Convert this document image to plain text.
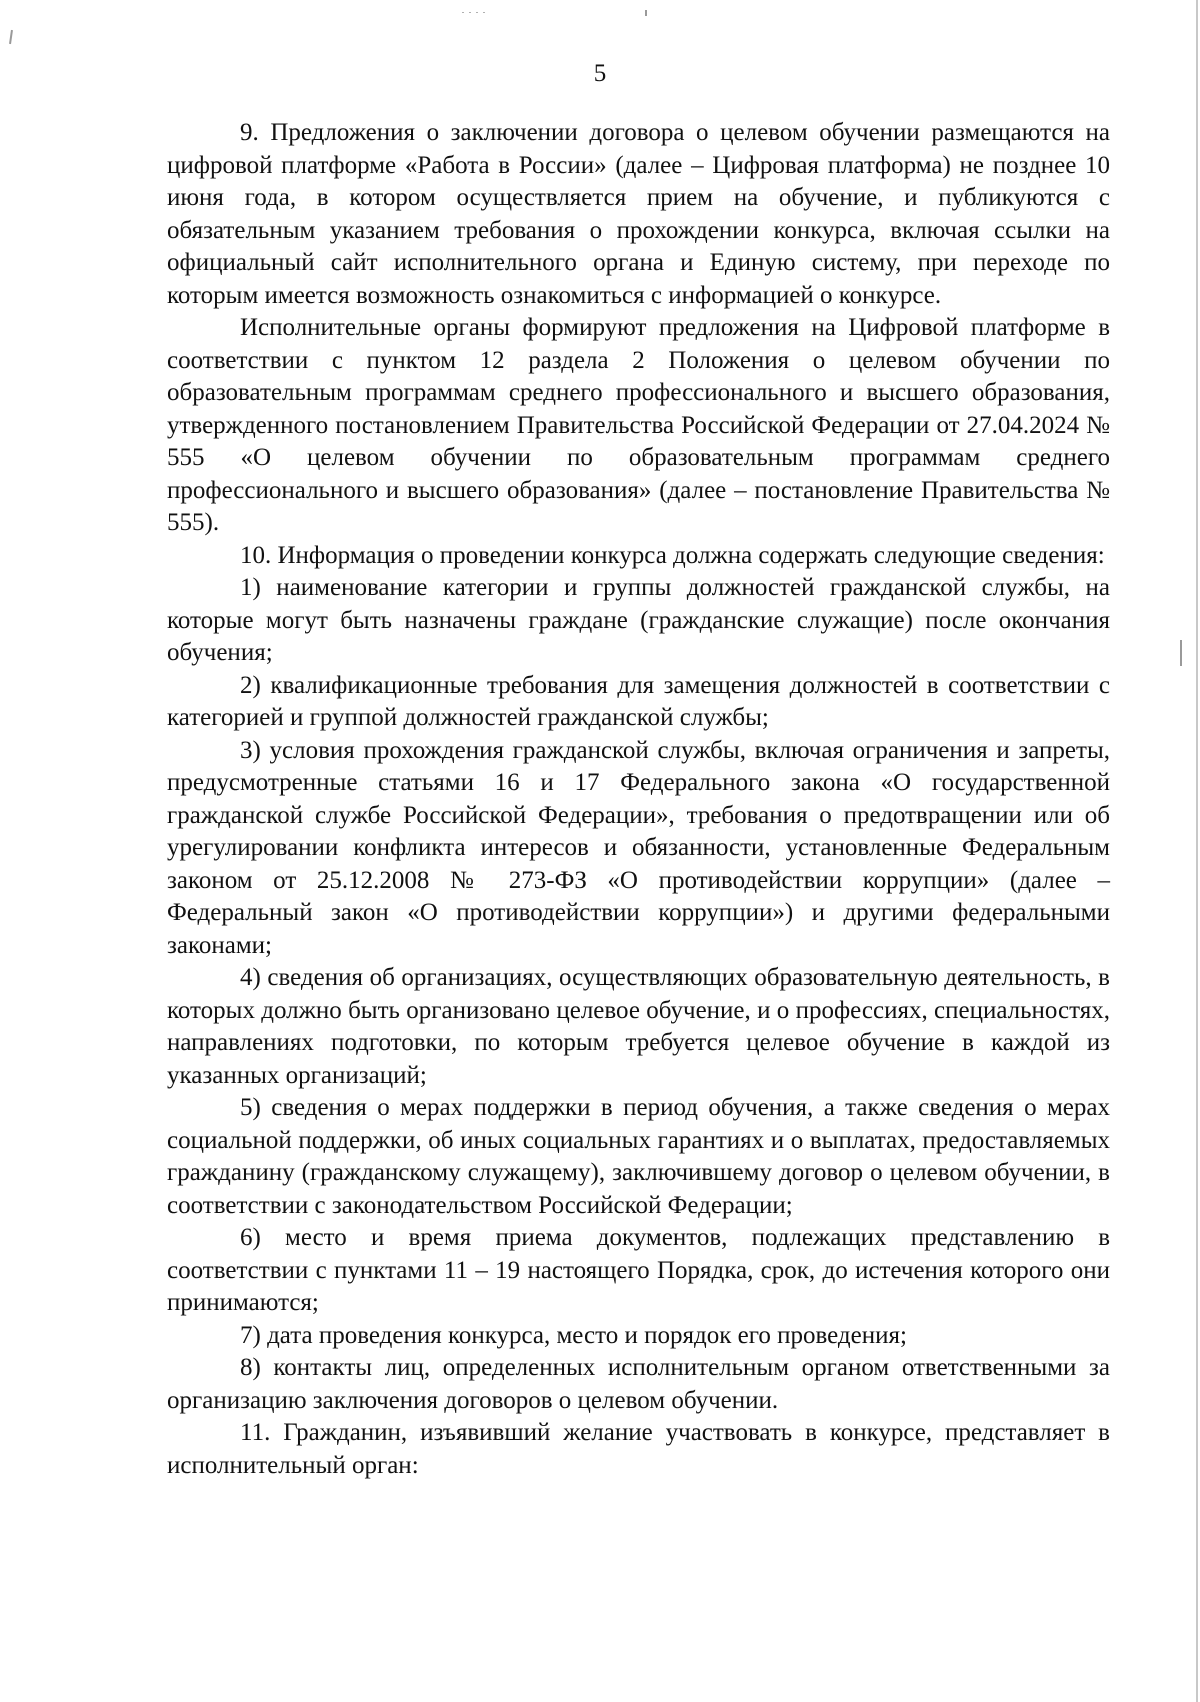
5

9. Предложения о заключении договора о целевом обучении размещаются на цифровой платформе «Работа в России» (далее – Цифровая платформа) не позднее 10 июня года, в котором осуществляется прием на обучение, и публикуются с обязательным указанием требования о прохождении конкурса, включая ссылки на официальный сайт исполнительного органа и Единую систему, при переходе по которым имеется возможность ознакомиться с информацией о конкурсе.

Исполнительные органы формируют предложения на Цифровой платформе в соответствии с пунктом 12 раздела 2 Положения о целевом обучении по образовательным программам среднего профессионального и высшего образования, утвержденного постановлением Правительства Российской Федерации от 27.04.2024 № 555 «О целевом обучении по образовательным программам среднего профессионального и высшего образования» (далее – постановление Правительства № 555).

10. Информация о проведении конкурса должна содержать следующие сведения:

1) наименование категории и группы должностей гражданской службы, на которые могут быть назначены граждане (гражданские служащие) после окончания обучения;

2) квалификационные требования для замещения должностей в соответствии с категорией и группой должностей гражданской службы;

3) условия прохождения гражданской службы, включая ограничения и запреты, предусмотренные статьями 16 и 17 Федерального закона «О государственной гражданской службе Российской Федерации», требования о предотвращении или об урегулировании конфликта интересов и обязанности, установленные Федеральным законом от 25.12.2008 № 273-ФЗ «О противодействии коррупции» (далее – Федеральный закон «О противодействии коррупции») и другими федеральными законами;

4) сведения об организациях, осуществляющих образовательную деятельность, в которых должно быть организовано целевое обучение, и о профессиях, специальностях, направлениях подготовки, по которым требуется целевое обучение в каждой из указанных организаций;

5) сведения о мерах поддержки в период обучения, а также сведения о мерах социальной поддержки, об иных социальных гарантиях и о выплатах, предоставляемых гражданину (гражданскому служащему), заключившему договор о целевом обучении, в соответствии с законодательством Российской Федерации;

6) место и время приема документов, подлежащих представлению в соответствии с пунктами 11 – 19 настоящего Порядка, срок, до истечения которого они принимаются;

7) дата проведения конкурса, место и порядок его проведения;

8) контакты лиц, определенных исполнительным органом ответственными за организацию заключения договоров о целевом обучении.

11. Гражданин, изъявивший желание участвовать в конкурсе, представляет в исполнительный орган:
